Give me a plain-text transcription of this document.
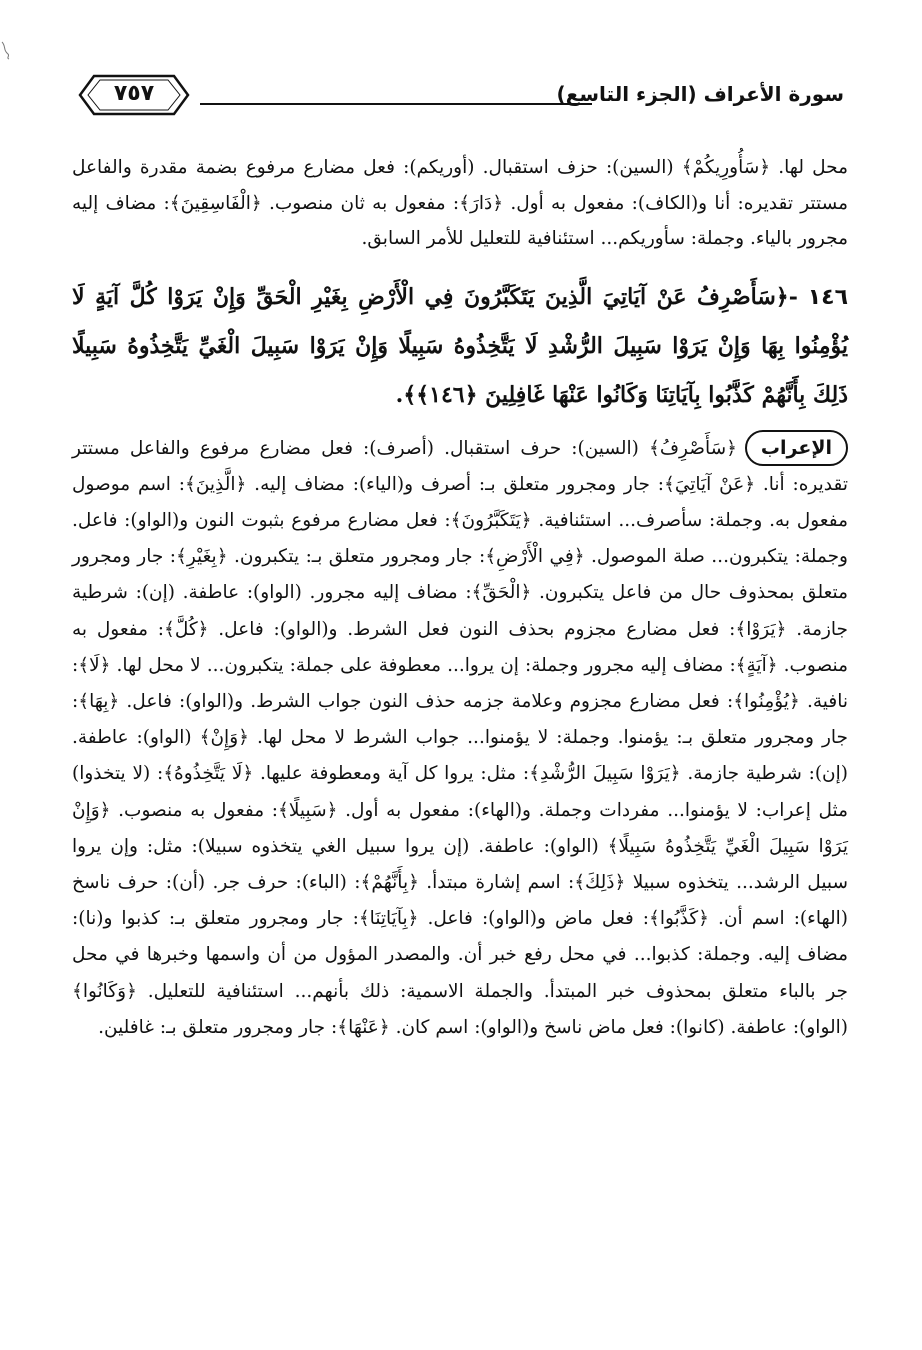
سورة الأعراف (الجزء التاسع)
٧٥٧

محل لها. ﴿سَأُورِيكُمْ﴾ (السين): حزف استقبال. (أوريكم): فعل مضارع مرفوع بضمة مقدرة والفاعل مستتر تقديره: أنا و(الكاف): مفعول به أول. ﴿دَارَ﴾: مفعول به ثان منصوب. ﴿الْفَاسِقِينَ﴾: مضاف إليه مجرور بالياء. وجملة: سأوريكم... استئنافية للتعليل للأمر السابق.

١٤٦ -﴿سَأَصْرِفُ عَنْ آيَاتِيَ الَّذِينَ يَتَكَبَّرُونَ فِي الْأَرْضِ بِغَيْرِ الْحَقِّ وَإِنْ يَرَوْا كُلَّ آيَةٍ لَا يُؤْمِنُوا بِهَا وَإِنْ يَرَوْا سَبِيلَ الرُّشْدِ لَا يَتَّخِذُوهُ سَبِيلًا وَإِنْ يَرَوْا سَبِيلَ الْغَيِّ يَتَّخِذُوهُ سَبِيلًا ذَلِكَ بِأَنَّهُمْ كَذَّبُوا بِآيَاتِنَا وَكَانُوا عَنْهَا غَافِلِينَ ﴿١٤٦﴾﴾.

الإعراب﴿سَأَصْرِفُ﴾ (السين): حرف استقبال. (أصرف): فعل مضارع مرفوع والفاعل مستتر تقديره: أنا. ﴿عَنْ آيَاتِيَ﴾: جار ومجرور متعلق بـ: أصرف و(الياء): مضاف إليه. ﴿الَّذِينَ﴾: اسم موصول مفعول به. وجملة: سأصرف... استئنافية. ﴿يَتَكَبَّرُونَ﴾: فعل مضارع مرفوع بثبوت النون و(الواو): فاعل. وجملة: يتكبرون... صلة الموصول. ﴿فِي الْأَرْضِ﴾: جار ومجرور متعلق بـ: يتكبرون. ﴿بِغَيْرِ﴾: جار ومجرور متعلق بمحذوف حال من فاعل يتكبرون. ﴿الْحَقِّ﴾: مضاف إليه مجرور. (الواو): عاطفة. (إن): شرطية جازمة. ﴿يَرَوْا﴾: فعل مضارع مجزوم بحذف النون فعل الشرط. و(الواو): فاعل. ﴿كُلَّ﴾: مفعول به منصوب. ﴿آيَةٍ﴾: مضاف إليه مجرور وجملة: إن يروا... معطوفة على جملة: يتكبرون... لا محل لها. ﴿لَا﴾: نافية. ﴿يُؤْمِنُوا﴾: فعل مضارع مجزوم وعلامة جزمه حذف النون جواب الشرط. و(الواو): فاعل. ﴿بِهَا﴾: جار ومجرور متعلق بـ: يؤمنوا. وجملة: لا يؤمنوا... جواب الشرط لا محل لها. ﴿وَإِنْ﴾ (الواو): عاطفة. (إن): شرطية جازمة. ﴿يَرَوْا سَبِيلَ الرُّشْدِ﴾: مثل: يروا كل آية ومعطوفة عليها. ﴿لَا يَتَّخِذُوهُ﴾: (لا يتخذوا) مثل إعراب: لا يؤمنوا... مفردات وجملة. و(الهاء): مفعول به أول. ﴿سَبِيلًا﴾: مفعول به منصوب. ﴿وَإِنْ يَرَوْا سَبِيلَ الْغَيِّ يَتَّخِذُوهُ سَبِيلًا﴾ (الواو): عاطفة. (إن يروا سبيل الغي يتخذوه سبيلا): مثل: وإن يروا سبيل الرشد... يتخذوه سبيلا ﴿ذَلِكَ﴾: اسم إشارة مبتدأ. ﴿بِأَنَّهُمْ﴾: (الباء): حرف جر. (أن): حرف ناسخ (الهاء): اسم أن. ﴿كَذَّبُوا﴾: فعل ماض و(الواو): فاعل. ﴿بِآيَاتِنَا﴾: جار ومجرور متعلق بـ: كذبوا و(نا): مضاف إليه. وجملة: كذبوا... في محل رفع خبر أن. والمصدر المؤول من أن واسمها وخبرها في محل جر بالباء متعلق بمحذوف خبر المبتدأ. والجملة الاسمية: ذلك بأنهم... استئنافية للتعليل. ﴿وَكَانُوا﴾ (الواو): عاطفة. (كانوا): فعل ماض ناسخ و(الواو): اسم كان. ﴿عَنْهَا﴾: جار ومجرور متعلق بـ: غافلين.
